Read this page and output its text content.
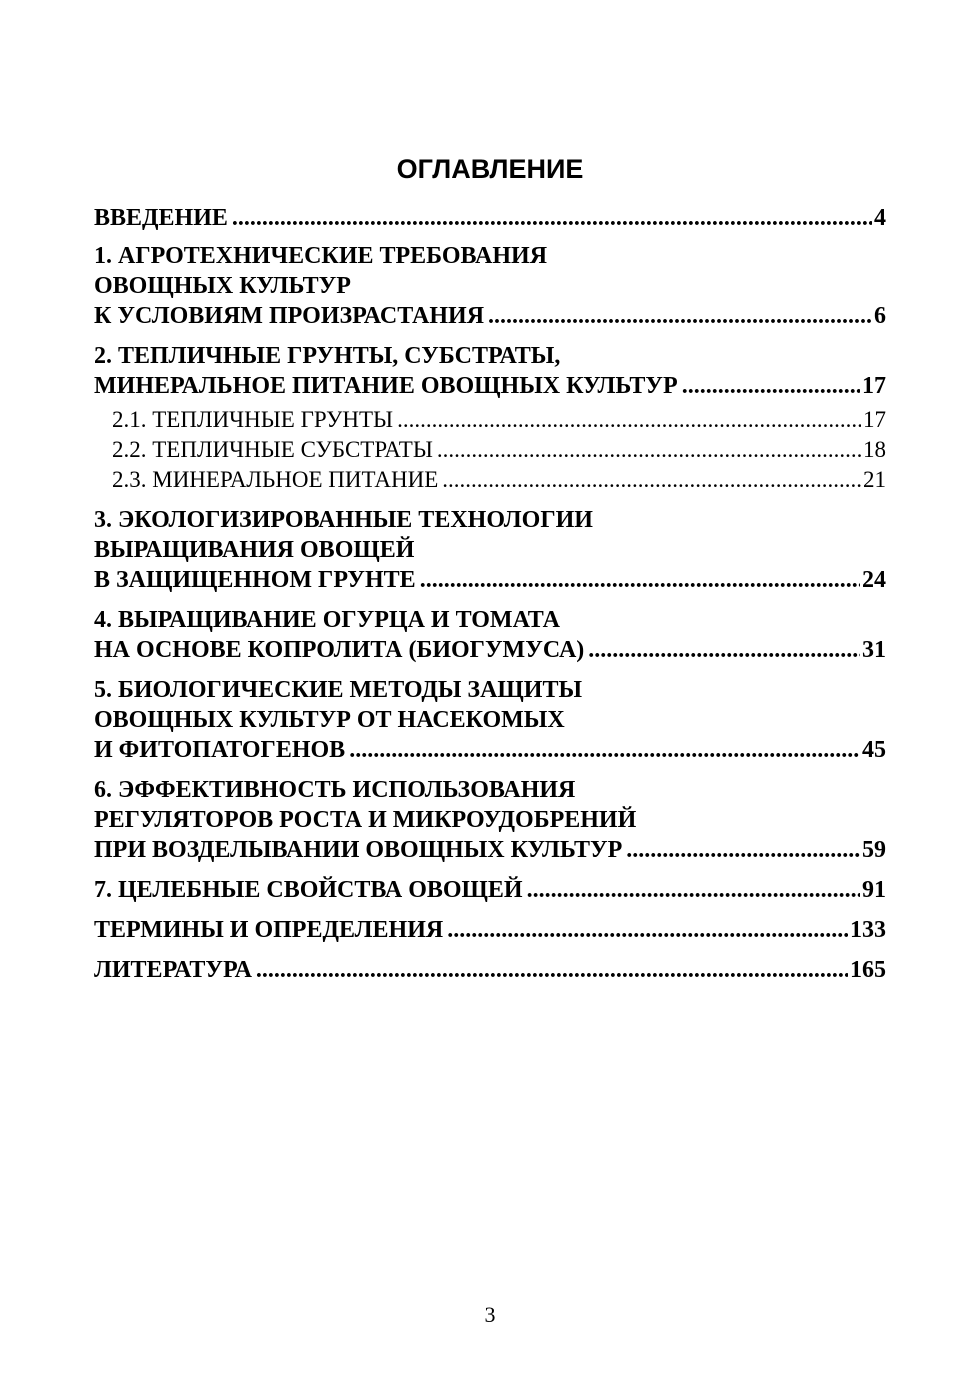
ОГЛАВЛЕНИЕ
ВВЕДЕНИЕ .....	4
1. АГРОТЕХНИЧЕСКИЕ ТРЕБОВАНИЯ
ОВОЩНЫХ КУЛЬТУР
К УСЛОВИЯМ ПРОИЗРАСТАНИЯ .....	6
2. ТЕПЛИЧНЫЕ ГРУНТЫ, СУБСТРАТЫ,
МИНЕРАЛЬНОЕ ПИТАНИЕ ОВОЩНЫХ КУЛЬТУР .....	17
2.1. ТЕПЛИЧНЫЕ ГРУНТЫ .....	17
2.2. ТЕПЛИЧНЫЕ СУБСТРАТЫ .....	18
2.3. МИНЕРАЛЬНОЕ ПИТАНИЕ .....	21
3. ЭКОЛОГИЗИРОВАННЫЕ ТЕХНОЛОГИИ
ВЫРАЩИВАНИЯ ОВОЩЕЙ
В ЗАЩИЩЕННОМ ГРУНТЕ .....	24
4. ВЫРАЩИВАНИЕ ОГУРЦА И ТОМАТА
НА ОСНОВЕ КОПРОЛИТА (БИОГУМУСА) .....	31
5. БИОЛОГИЧЕСКИЕ МЕТОДЫ ЗАЩИТЫ
ОВОЩНЫХ КУЛЬТУР ОТ НАСЕКОМЫХ
И ФИТОПАТОГЕНОВ .....	45
6. ЭФФЕКТИВНОСТЬ ИСПОЛЬЗОВАНИЯ
РЕГУЛЯТОРОВ РОСТА И МИКРОУДОБРЕНИЙ
ПРИ ВОЗДЕЛЫВАНИИ ОВОЩНЫХ КУЛЬТУР .....	59
7. ЦЕЛЕБНЫЕ СВОЙСТВА ОВОЩЕЙ .....	91
ТЕРМИНЫ И ОПРЕДЕЛЕНИЯ .....	133
ЛИТЕРАТУРА .....	165
3
